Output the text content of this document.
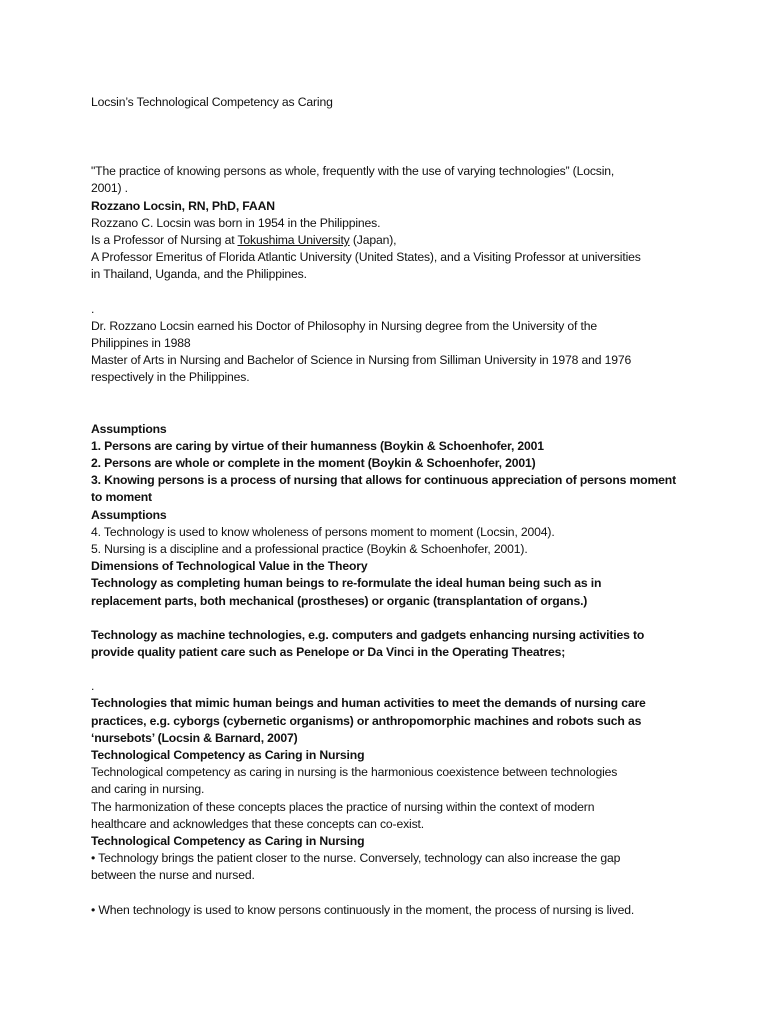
Locsin’s Technological Competency as Caring

"The practice of knowing persons as whole, frequently with the use of varying technologies” (Locsin,

2001) .

Rozzano Locsin, RN, PhD, FAAN

Rozzano C. Locsin was born in 1954 in the Philippines.

Is a Professor of Nursing at Tokushima University (Japan),

A Professor Emeritus of Florida Atlantic University (United States), and a Visiting Professor at universities

in Thailand, Uganda, and the Philippines.

.

Dr. Rozzano Locsin earned his Doctor of Philosophy in Nursing degree from the University of the

Philippines in 1988

Master of Arts in Nursing and Bachelor of Science in Nursing from Silliman University in 1978 and 1976

respectively in the Philippines.

Assumptions

1. Persons are caring by virtue of their humanness (Boykin & Schoenhofer, 2001

2. Persons are whole or complete in the moment (Boykin & Schoenhofer, 2001)

3. Knowing persons is a process of nursing that allows for continuous appreciation of persons moment

to moment

Assumptions

4. Technology is used to know wholeness of persons moment to moment (Locsin, 2004).

5. Nursing is a discipline and a professional practice (Boykin & Schoenhofer, 2001).

Dimensions of Technological Value in the Theory

Technology as completing human beings to re-formulate the ideal human being such as in

replacement parts, both mechanical (prostheses) or organic (transplantation of organs.)

Technology as machine technologies, e.g. computers and gadgets enhancing nursing activities to

provide quality patient care such as Penelope or Da Vinci in the Operating Theatres;

.

Technologies that mimic human beings and human activities to meet the demands of nursing care

practices, e.g. cyborgs (cybernetic organisms) or anthropomorphic machines and robots such as

‘nursebots’ (Locsin & Barnard, 2007)

Technological Competency as Caring in Nursing

Technological competency as caring in nursing is the harmonious coexistence between technologies

and caring in nursing.

The harmonization of these concepts places the practice of nursing within the context of modern

healthcare and acknowledges that these concepts can co-exist.

Technological Competency as Caring in Nursing

• Technology brings the patient closer to the nurse. Conversely, technology can also increase the gap

between the nurse and nursed.

• When technology is used to know persons continuously in the moment, the process of nursing is lived.
